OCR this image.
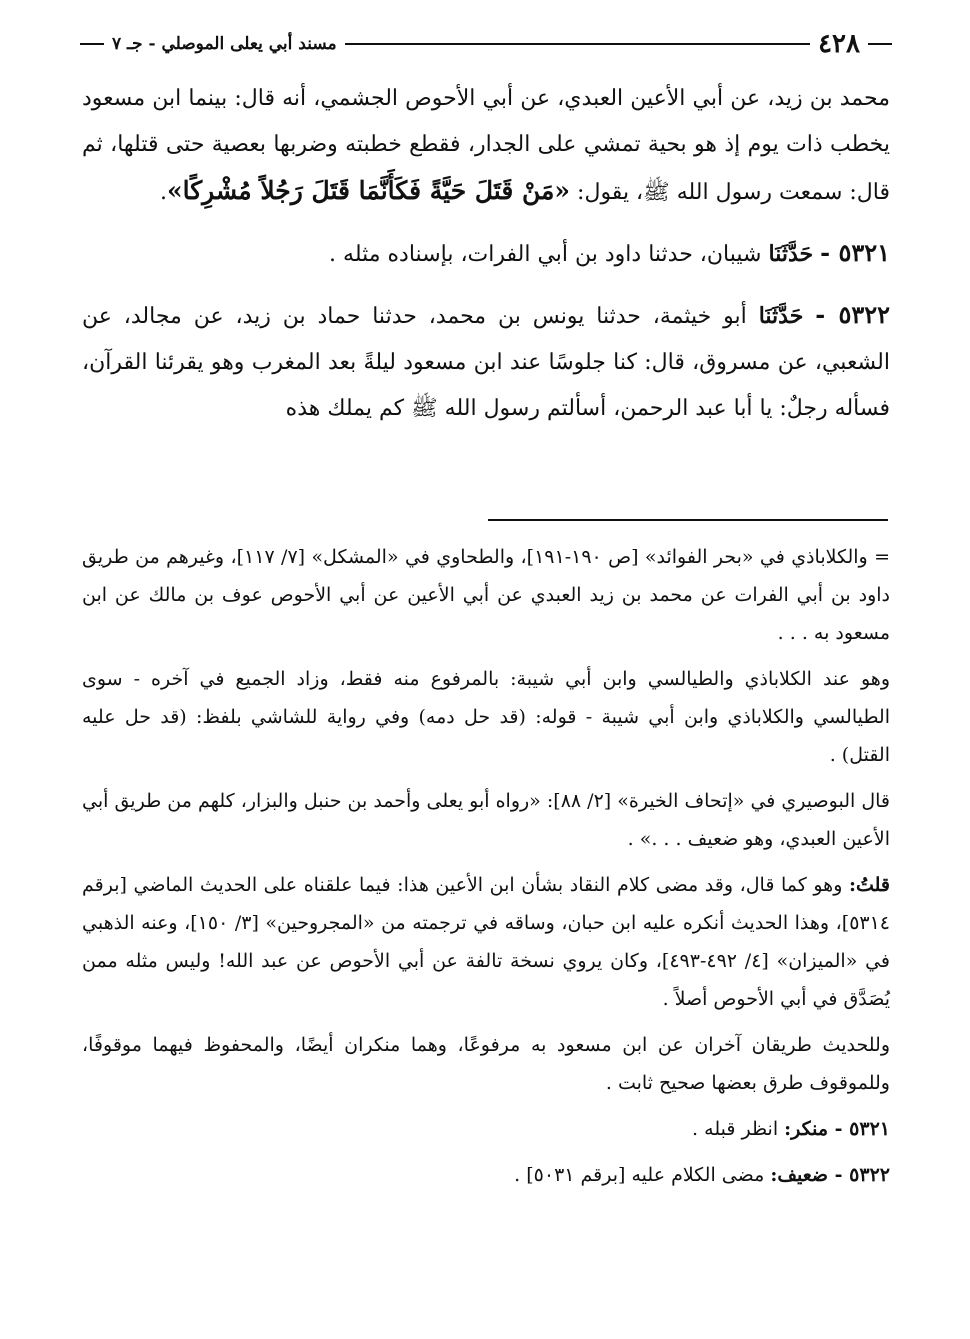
٤٢٨
مسند أبي يعلى الموصلي - جـ ٧

محمد بن زيد، عن أبي الأعين العبدي، عن أبي الأحوص الجشمي، أنه قال: بينما ابن مسعود يخطب ذات يوم إذ هو بحية تمشي على الجدار، فقطع خطبته وضربها بعصية حتى قتلها، ثم قال: سمعت رسول الله ﷺ، يقول: «مَنْ قَتَلَ حَيَّةً فَكَأَنَّمَا قَتَلَ رَجُلاً مُشْرِكًا».

٥٣٢١ - حَدَّثَنَا شيبان، حدثنا داود بن أبي الفرات، بإسناده مثله .

٥٣٢٢ - حَدَّثَنَا أبو خيثمة، حدثنا يونس بن محمد، حدثنا حماد بن زيد، عن مجالد، عن الشعبي، عن مسروق، قال: كنا جلوسًا عند ابن مسعود ليلةً بعد المغرب وهو يقرئنا القرآن، فسأله رجلٌ: يا أبا عبد الرحمن، أسألتم رسول الله ﷺ كم يملك هذه

= والكلاباذي في «بحر الفوائد» [ص ١٩٠-١٩١]، والطحاوي في «المشكل» [٧/ ١١٧]، وغيرهم من طريق داود بن أبي الفرات عن محمد بن زيد العبدي عن أبي الأعين عن أبي الأحوص عوف بن مالك عن ابن مسعود به . . .

وهو عند الكلاباذي والطيالسي وابن أبي شيبة: بالمرفوع منه فقط، وزاد الجميع في آخره - سوى الطيالسي والكلاباذي وابن أبي شيبة - قوله: (قد حل دمه) وفي رواية للشاشي بلفظ: (قد حل عليه القتل) .

قال البوصيري في «إتحاف الخيرة» [٢/ ٨٨]: «رواه أبو يعلى وأحمد بن حنبل والبزار، كلهم من طريق أبي الأعين العبدي، وهو ضعيف . . .» .

قلتُ: وهو كما قال، وقد مضى كلام النقاد بشأن ابن الأعين هذا: فيما علقناه على الحديث الماضي [برقم ٥٣١٤]، وهذا الحديث أنكره عليه ابن حبان، وساقه في ترجمته من «المجروحين» [٣/ ١٥٠]، وعنه الذهبي في «الميزان» [٤/ ٤٩٢-٤٩٣]، وكان يروي نسخة تالفة عن أبي الأحوص عن عبد الله! وليس مثله ممن يُصَدَّق في أبي الأحوص أصلاً .

وللحديث طريقان آخران عن ابن مسعود به مرفوعًا، وهما منكران أيضًا، والمحفوظ فيهما موقوفًا، وللموقوف طرق بعضها صحيح ثابت .

٥٣٢١ - منكر: انظر قبله .

٥٣٢٢ - ضعيف: مضى الكلام عليه [برقم ٥٠٣١] .
